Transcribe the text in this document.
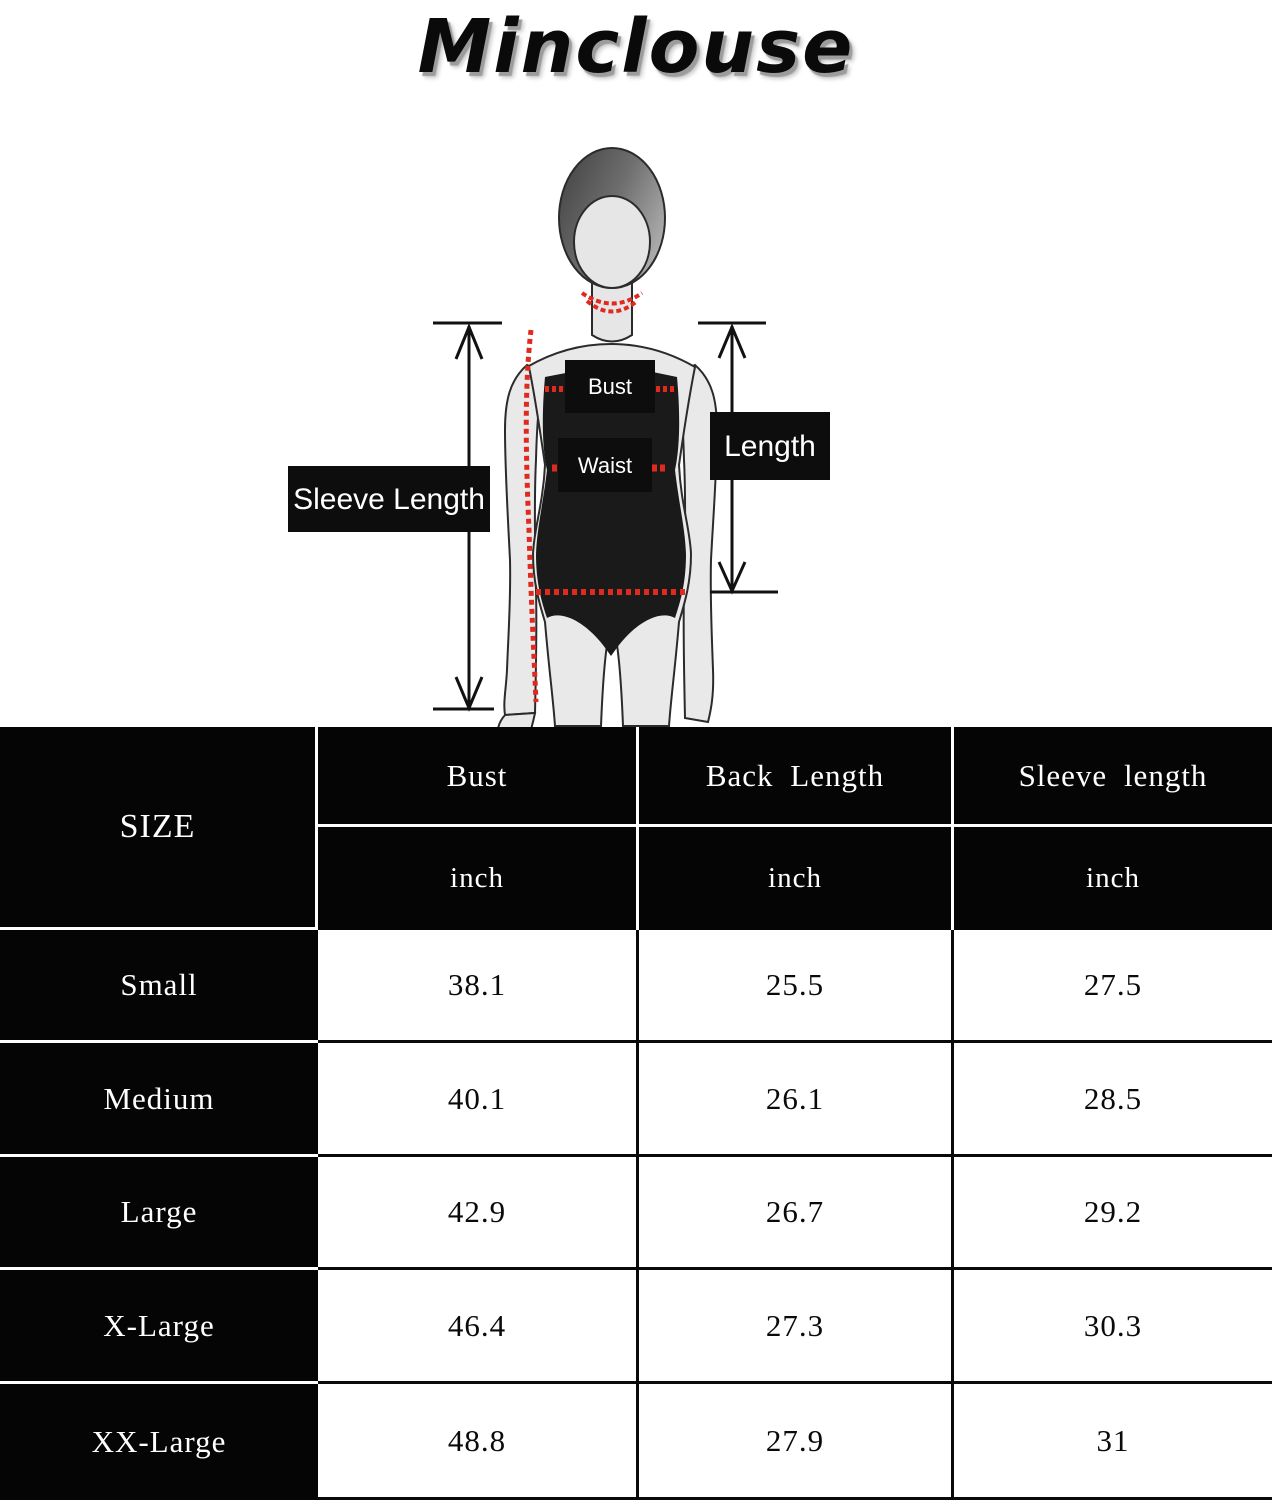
Minclouse
Bust
Waist
Sleeve Length
Length
SIZE
Bust	Back Length	Sleeve length
inch	inch	inch
Small	38.1	25.5	27.5
Medium	40.1	26.1	28.5
Large	42.9	26.7	29.2
X-Large	46.4	27.3	30.3
XX-Large	48.8	27.9	31
